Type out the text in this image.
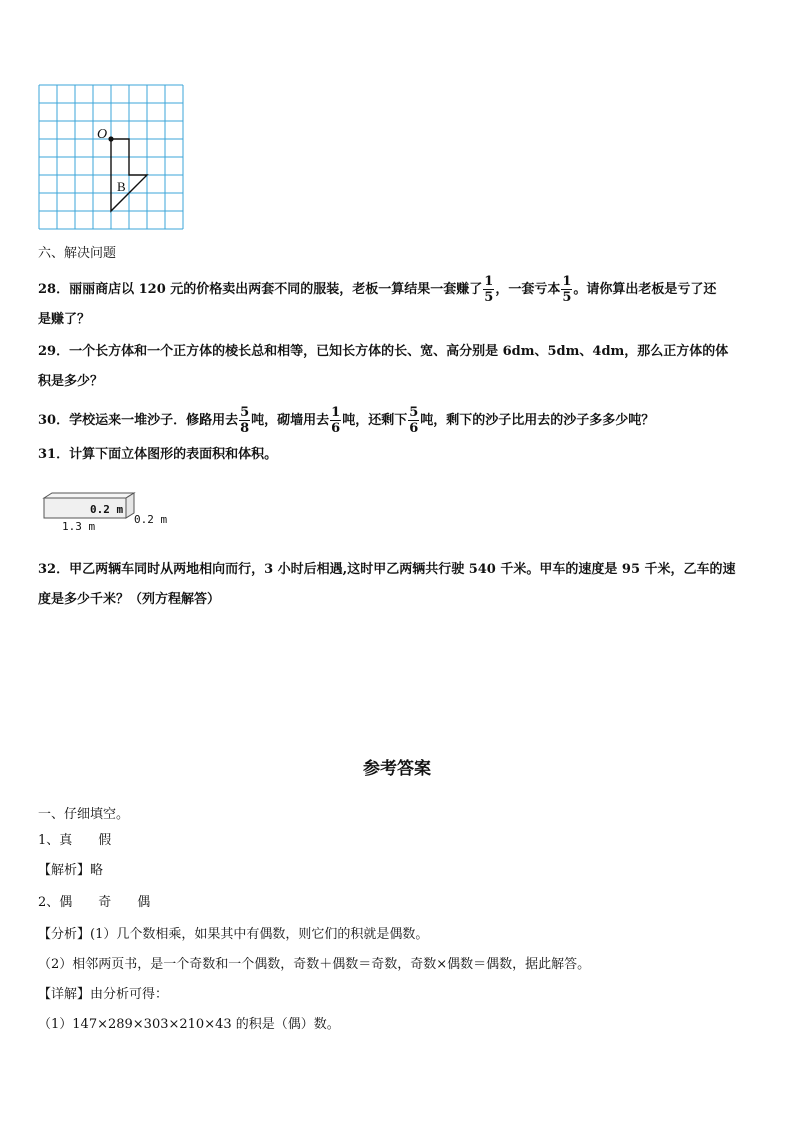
O
B
六、解决问题
28．丽丽商店以 120 元的价格卖出两套不同的服装，老板一算结果一套赚了 $\frac{1}{5}$ ，一套亏本 $\frac{1}{5}$ 。请你算出老板是亏了还
是赚了？
29．一个长方体和一个正方体的棱长总和相等，已知长方体的长、宽、高分别是 6dm、5dm、4dm，那么正方体的体
积是多少？
30．学校运来一堆沙子．修路用去 $\frac{5}{8}$ 吨，砌墙用去 $\frac{1}{6}$ 吨，还剩下 $\frac{5}{6}$ 吨，剩下的沙子比用去的沙子多多少吨？
31．计算下面立体图形的表面积和体积。
0.2 m
1.3 m
0.2 m
32．甲乙两辆车同时从两地相向而行，3 小时后相遇,这时甲乙两辆共行驶 540 千米。甲车的速度是 95 千米，乙车的速
度是多少千米？（列方程解答）
参考答案
一、仔细填空。
1、真 假
【解析】略
2、偶 奇 偶
【分析】(1）几个数相乘，如果其中有偶数，则它们的积就是偶数。
（2）相邻两页书，是一个奇数和一个偶数，奇数＋偶数＝奇数，奇数×偶数＝偶数，据此解答。
【详解】由分析可得：
（1）147×289×303×210×43 的积是（偶）数。
